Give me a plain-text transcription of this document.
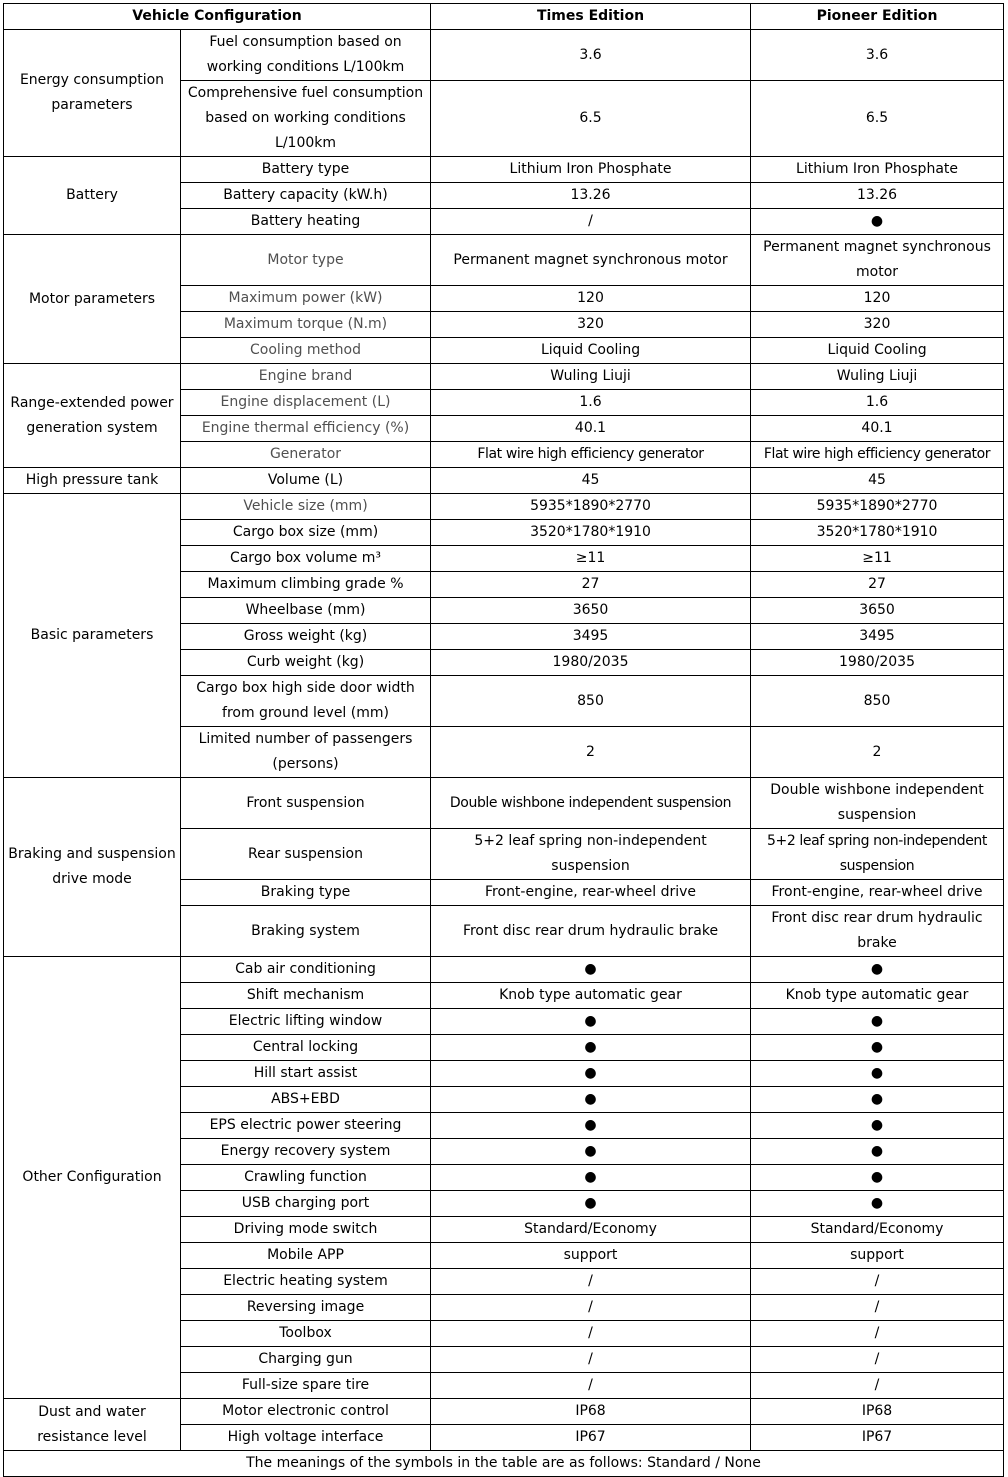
Vehicle Configuration		Times Edition	Pioneer Edition
Energy consumption parameters	Fuel consumption based on working conditions L/100km	3.6	3.6
	Comprehensive fuel consumption based on working conditions L/100km	6.5	6.5
Battery	Battery type	Lithium Iron Phosphate	Lithium Iron Phosphate
	Battery capacity (kW.h)	13.26	13.26
	Battery heating	/	●
Motor parameters	Motor type	Permanent magnet synchronous motor	Permanent magnet synchronous motor
	Maximum power (kW)	120	120
	Maximum torque (N.m)	320	320
	Cooling method	Liquid Cooling	Liquid Cooling
Range-extended power generation system	Engine brand	Wuling Liuji	Wuling Liuji
	Engine displacement (L)	1.6	1.6
	Engine thermal efficiency (%)	40.1	40.1
	Generator	Flat wire high efficiency generator	Flat wire high efficiency generator
High pressure tank	Volume (L)	45	45
Basic parameters	Vehicle size (mm)	5935*1890*2770	5935*1890*2770
	Cargo box size (mm)	3520*1780*1910	3520*1780*1910
	Cargo box volume m³	≥11	≥11
	Maximum climbing grade %	27	27
	Wheelbase (mm)	3650	3650
	Gross weight (kg)	3495	3495
	Curb weight (kg)	1980/2035	1980/2035
	Cargo box high side door width from ground level (mm)	850	850
	Limited number of passengers (persons)	2	2
Braking and suspension drive mode	Front suspension	Double wishbone independent suspension	Double wishbone independent suspension
	Rear suspension	5+2 leaf spring non-independent suspension	5+2 leaf spring non-independent suspension
	Braking type	Front-engine, rear-wheel drive	Front-engine, rear-wheel drive
	Braking system	Front disc rear drum hydraulic brake	Front disc rear drum hydraulic brake
Other Configuration	Cab air conditioning	●	●
	Shift mechanism	Knob type automatic gear	Knob type automatic gear
	Electric lifting window	●	●
	Central locking	●	●
	Hill start assist	●	●
	ABS+EBD	●	●
	EPS electric power steering	●	●
	Energy recovery system	●	●
	Crawling function	●	●
	USB charging port	●	●
	Driving mode switch	Standard/Economy	Standard/Economy
	Mobile APP	support	support
	Electric heating system	/	/
	Reversing image	/	/
	Toolbox	/	/
	Charging gun	/	/
	Full-size spare tire	/	/
Dust and water resistance level	Motor electronic control	IP68	IP68
	High voltage interface	IP67	IP67
The meanings of the symbols in the table are as follows: Standard / None			
